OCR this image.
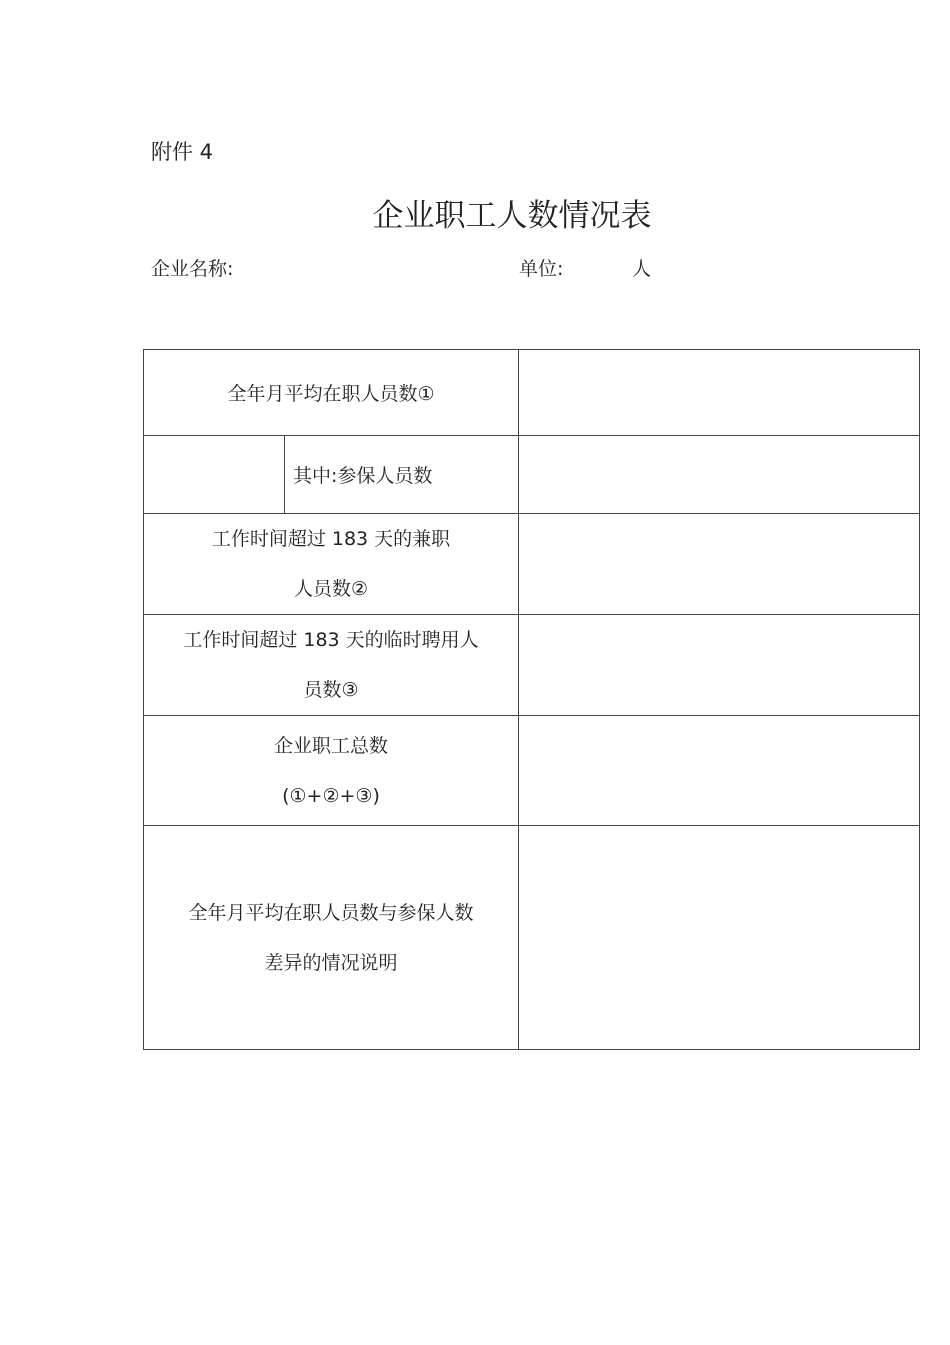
附件 4
企业职工人数情况表
企业名称:	单位:	人
全年月平均在职人员数①		
	其中:参保人员数	

工作时间超过 183 天的兼职
人员数②		

工作时间超过 183 天的临时聘用人
员数③		

企业职工总数
(①+②+③)		

全年月平均在职人员数与参保人数
差异的情况说明		
